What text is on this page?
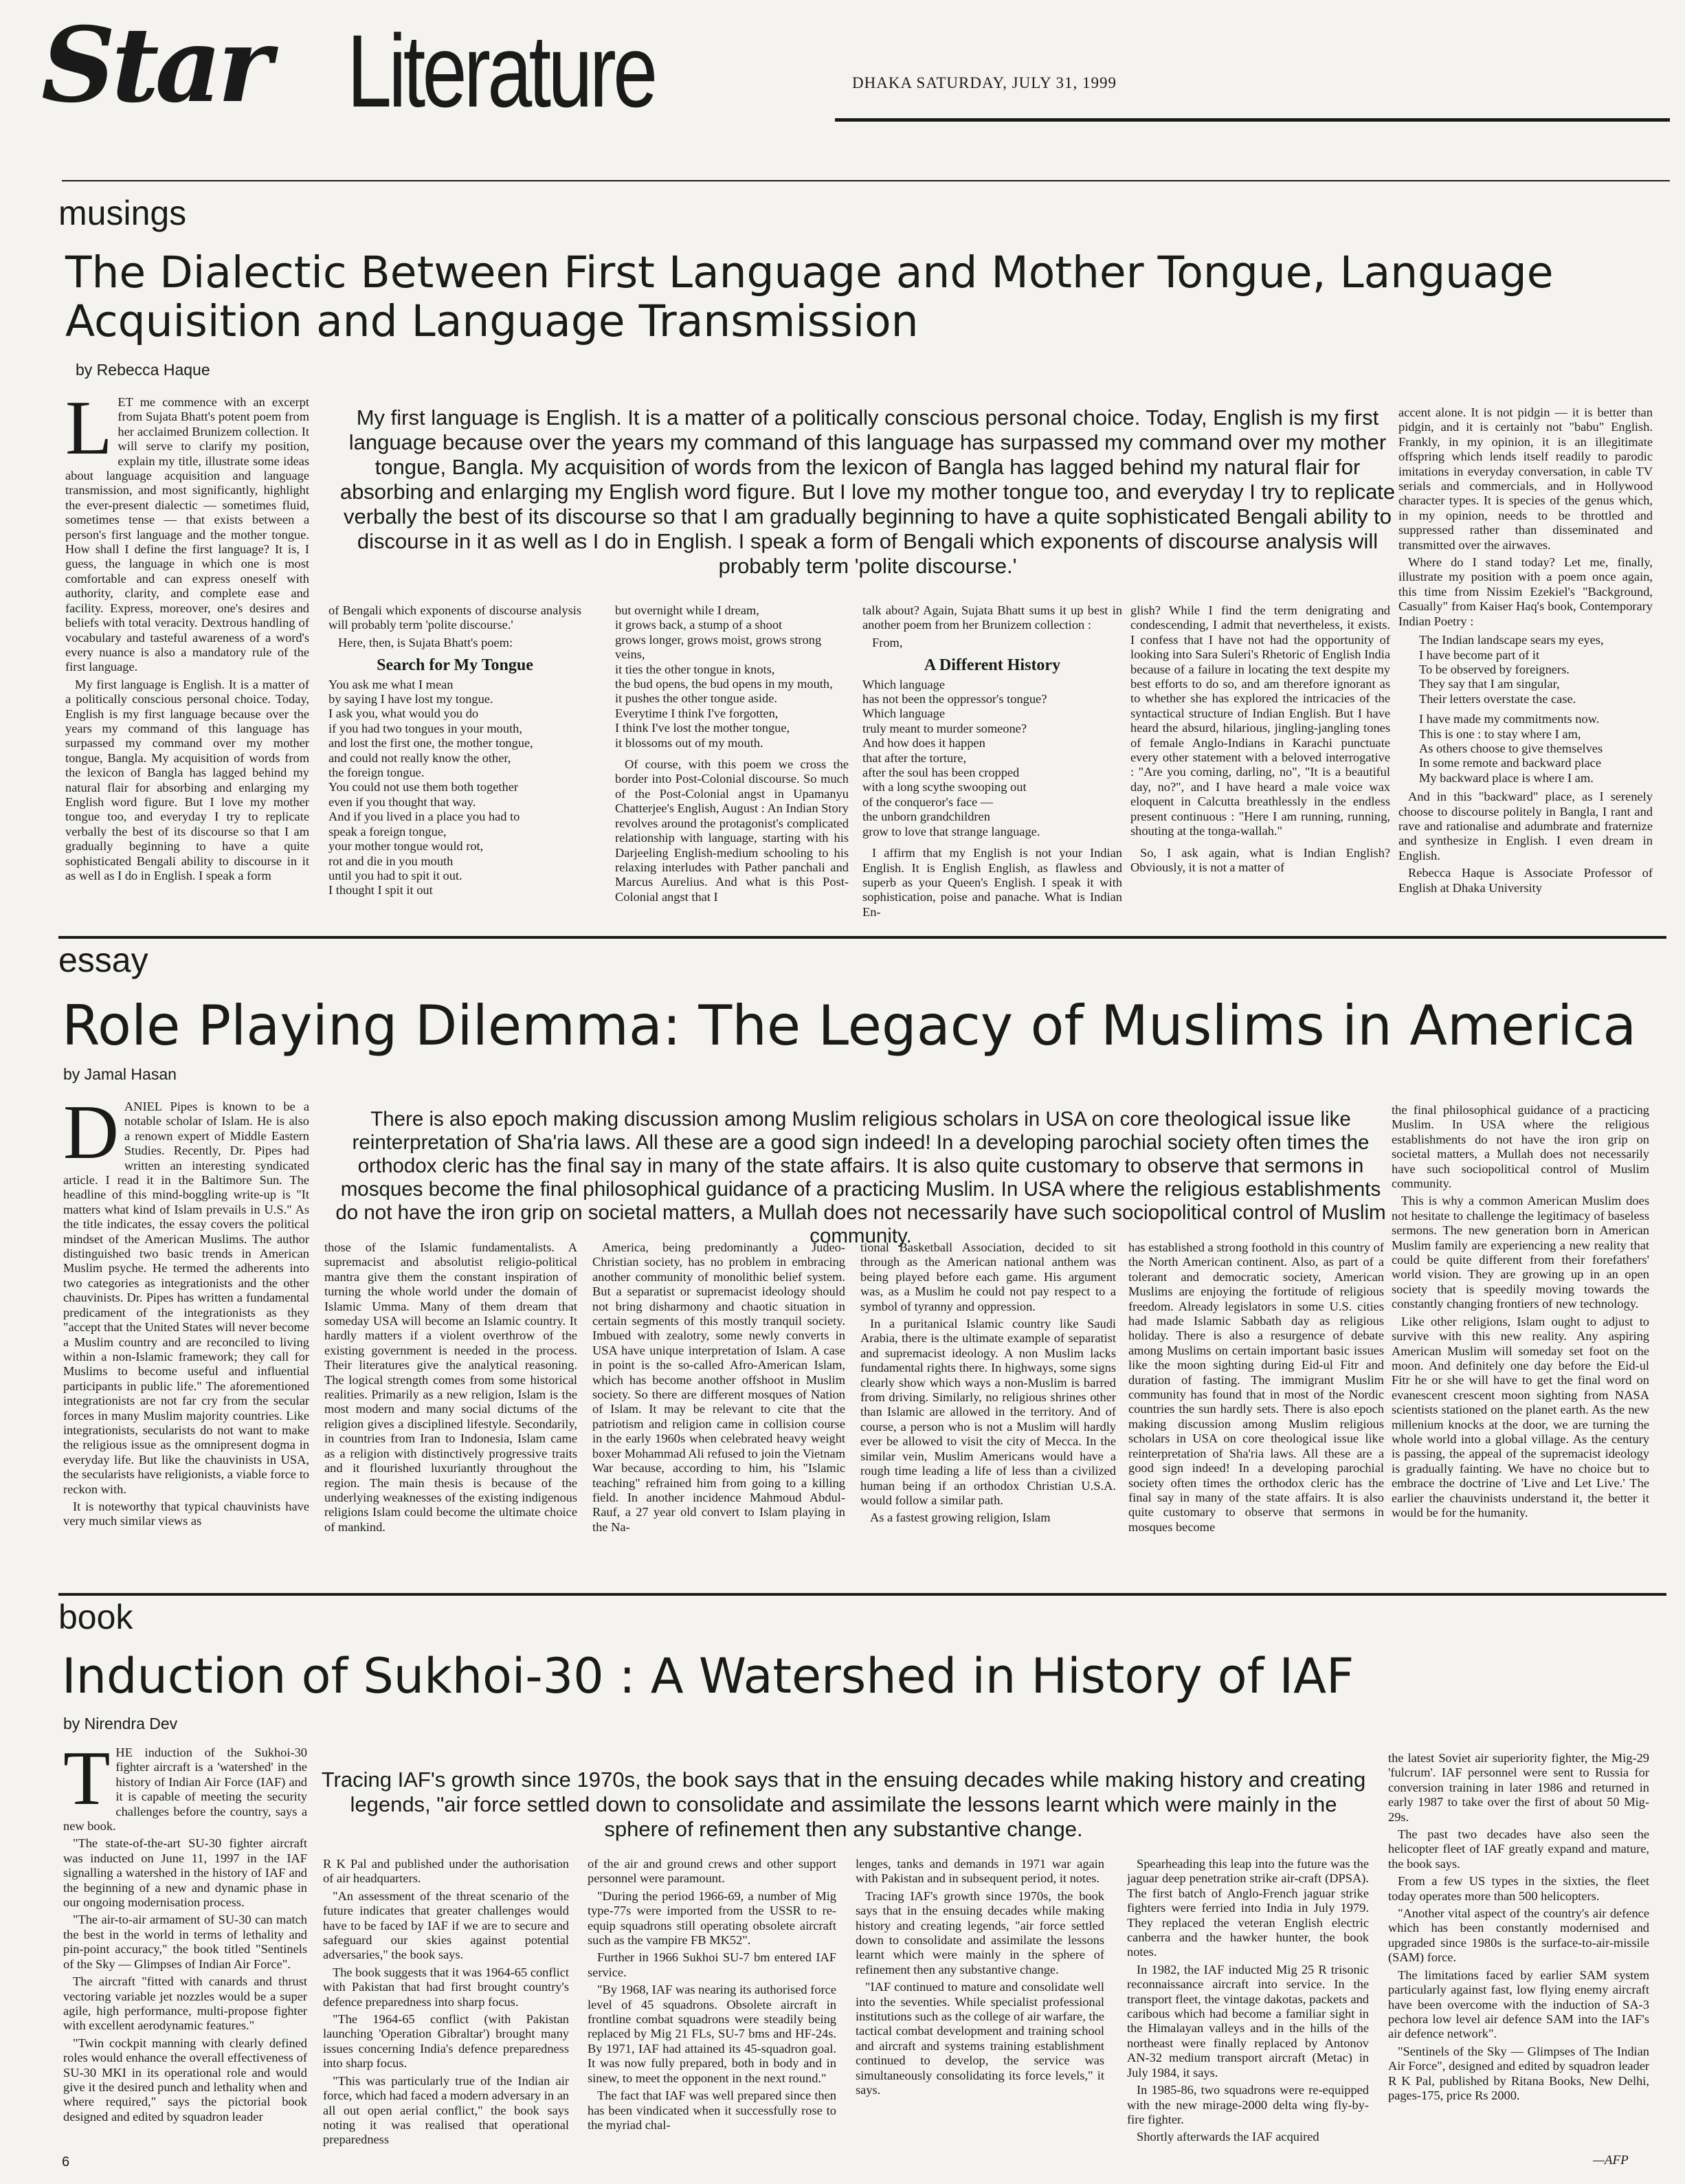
Star Literature	DHAKA SATURDAY, JULY 31, 1999
musings
The Dialectic Between First Language and Mother Tongue, Language Acquisition and Language Transmission
by Rebecca Haque
L ET me commence with an excerpt from Sujata Bhatt's potent poem from her acclaimed Brunizem collection. It will serve to clarify my position, explain my title, illustrate some ideas about language acquisition and language transmission, and most significantly, highlight the ever-present dialectic — sometimes fluid, sometimes tense — that exists between a person's first language and the mother tongue. How shall I define the first language? It is, I guess, the language in which one is most comfortable and can express oneself with authority, clarity, and complete ease and facility. Express, moreover, one's desires and beliefs with total veracity. Dextrous handling of vocabulary and tasteful awareness of a word's every nuance is also a mandatory rule of the first language.

My first language is English. It is a matter of a politically conscious personal choice. Today, English is my first language because over the years my command of this language has surpassed my command over my mother tongue, Bangla. My acquisition of words from the lexicon of Bangla has lagged behind my natural flair for absorbing and enlarging my English word figure. But I love my mother tongue too, and everyday I try to replicate verbally the best of its discourse so that I am gradually beginning to have a quite sophisticated Bengali ability to discourse in it as well as I do in English. I speak a form

My first language is English. It is a matter of a politically conscious personal choice. Today, English is my first language because over the years my command of this language has surpassed my command over my mother tongue, Bangla. My acquisition of words from the lexicon of Bangla has lagged behind my natural flair for absorbing and enlarging my English word figure. But I love my mother tongue too, and everyday I try to replicate verbally the best of its discourse so that I am gradually beginning to have a quite sophisticated Bengali ability to discourse in it as well as I do in English. I speak a form of Bengali which exponents of discourse analysis will probably term 'polite discourse.'

of Bengali which exponents of discourse analysis will probably term 'polite discourse.'

Here, then, is Sujata Bhatt's poem:

Search for My Tongue

You ask me what I mean

by saying I have lost my tongue.

I ask you, what would you do

if you had two tongues in your mouth,

and lost the first one, the mother tongue,

and could not really know the other,

the foreign tongue.

You could not use them both together

even if you thought that way.

And if you lived in a place you had to

speak a foreign tongue,

your mother tongue would rot,

rot and die in you mouth

until you had to spit it out.

I thought I spit it out

but overnight while I dream,

it grows back, a stump of a shoot

grows longer, grows moist, grows strong veins,

it ties the other tongue in knots,

the bud opens, the bud opens in my mouth,

it pushes the other tongue aside.

Everytime I think I've forgotten,

I think I've lost the mother tongue,

it blossoms out of my mouth.

Of course, with this poem we cross the border into Post-Colonial discourse. So much of the Post-Colonial angst in Upamanyu Chatterjee's English, August : An Indian Story revolves around the protagonist's complicated relationship with language, starting with his Darjeeling English-medium schooling to his relaxing interludes with Pather panchali and Marcus Aurelius. And what is this Post-Colonial angst that I

talk about? Again, Sujata Bhatt sums it up best in another poem from her Brunizem collection :

From,

A Different History

Which language

has not been the oppressor's tongue?

Which language

truly meant to murder someone?

And how does it happen

that after the torture,

after the soul has been cropped

with a long scythe swooping out

of the conqueror's face —

the unborn grandchildren

grow to love that strange language.

I affirm that my English is not your Indian English. It is English English, as flawless and superb as your Queen's English. I speak it with sophistication, poise and panache. What is Indian En-

glish? While I find the term denigrating and condescending, I admit that nevertheless, it exists. I confess that I have not had the opportunity of looking into Sara Suleri's Rhetoric of English India because of a failure in locating the text despite my best efforts to do so, and am therefore ignorant as to whether she has explored the intricacies of the syntactical structure of Indian English. But I have heard the absurd, hilarious, jingling-jangling tones of female Anglo-Indians in Karachi punctuate every other statement with a beloved interrogative : "Are you coming, darling, no", "It is a beautiful day, no?", and I have heard a male voice wax eloquent in Calcutta breathlessly in the endless present continuous : "Here I am running, running, shouting at the tonga-wallah."

So, I ask again, what is Indian English? Obviously, it is not a matter of

accent alone. It is not pidgin — it is better than pidgin, and it is certainly not "babu" English. Frankly, in my opinion, it is an illegitimate offspring which lends itself readily to parodic imitations in everyday conversation, in cable TV serials and commercials, and in Hollywood character types. It is species of the genus which, in my opinion, needs to be throttled and suppressed rather than disseminated and transmitted over the airwaves.

Where do I stand today? Let me, finally, illustrate my position with a poem once again, this time from Nissim Ezekiel's "Background, Casually" from Kaiser Haq's book, Contemporary Indian Poetry :

The Indian landscape sears my eyes,

I have become part of it

To be observed by foreigners.

They say that I am singular,

Their letters overstate the case.

I have made my commitments now.

This is one : to stay where I am,

As others choose to give themselves

In some remote and backward place

My backward place is where I am.

And in this "backward" place, as I serenely choose to discourse politely in Bangla, I rant and rave and rationalise and adumbrate and fraternize and synthesize in English. I even dream in English.

Rebecca Haque is Associate Professor of English at Dhaka University

essay
Role Playing Dilemma: The Legacy of Muslims in America
by Jamal Hasan
D ANIEL Pipes is known to be a notable scholar of Islam. He is also a renown expert of Middle Eastern Studies. Recently, Dr. Pipes had written an interesting syndicated article. I read it in the Baltimore Sun. The headline of this mind-boggling write-up is "It matters what kind of Islam prevails in U.S." As the title indicates, the essay covers the political mindset of the American Muslims. The author distinguished two basic trends in American Muslim psyche. He termed the adherents into two categories as integrationists and the other chauvinists. Dr. Pipes has written a fundamental predicament of the integrationists as they "accept that the United States will never become a Muslim country and are reconciled to living within a non-Islamic framework; they call for Muslims to become useful and influential participants in public life." The aforementioned integrationists are not far cry from the secular forces in many Muslim majority countries. Like integrationists, secularists do not want to make the religious issue as the omnipresent dogma in everyday life. But like the chauvinists in USA, the secularists have religionists, a viable force to reckon with.

It is noteworthy that typical chauvinists have very much similar views as

There is also epoch making discussion among Muslim religious scholars in USA on core theological issue like reinterpretation of Sha'ria laws. All these are a good sign indeed! In a developing parochial society often times the orthodox cleric has the final say in many of the state affairs. It is also quite customary to observe that sermons in mosques become the final philosophical guidance of a practicing Muslim. In USA where the religious establishments do not have the iron grip on societal matters, a Mullah does not necessarily have such sociopolitical control of Muslim community.

those of the Islamic fundamentalists. A supremacist and absolutist religio-political mantra give them the constant inspiration of turning the whole world under the domain of Islamic Umma. Many of them dream that someday USA will become an Islamic country. It hardly matters if a violent overthrow of the existing government is needed in the process. Their literatures give the analytical reasoning. The logical strength comes from some historical realities. Primarily as a new religion, Islam is the most modern and many social dictums of the religion gives a disciplined lifestyle. Secondarily, in countries from Iran to Indonesia, Islam came as a religion with distinctively progressive traits and it flourished luxuriantly throughout the region. The main thesis is because of the underlying weaknesses of the existing indigenous religions Islam could become the ultimate choice of mankind.

America, being predominantly a Judeo-Christian society, has no problem in embracing another community of monolithic belief system. But a separatist or supremacist ideology should not bring disharmony and chaotic situation in certain segments of this mostly tranquil society. Imbued with zealotry, some newly converts in USA have unique interpretation of Islam. A case in point is the so-called Afro-American Islam, which has become another offshoot in Muslim society. So there are different mosques of Nation of Islam. It may be relevant to cite that the patriotism and religion came in collision course in the early 1960s when celebrated heavy weight boxer Mohammad Ali refused to join the Vietnam War because, according to him, his "Islamic teaching" refrained him from going to a killing field. In another incidence Mahmoud Abdul-Rauf, a 27 year old convert to Islam playing in the Na-

tional Basketball Association, decided to sit through as the American national anthem was being played before each game. His argument was, as a Muslim he could not pay respect to a symbol of tyranny and oppression.

In a puritanical Islamic country like Saudi Arabia, there is the ultimate example of separatist and supremacist ideology. A non Muslim lacks fundamental rights there. In highways, some signs clearly show which ways a non-Muslim is barred from driving. Similarly, no religious shrines other than Islamic are allowed in the territory. And of course, a person who is not a Muslim will hardly ever be allowed to visit the city of Mecca. In the similar vein, Muslim Americans would have a rough time leading a life of less than a civilized human being if an orthodox Christian U.S.A. would follow a similar path.

As a fastest growing religion, Islam

has established a strong foothold in this country of the North American continent. Also, as part of a tolerant and democratic society, American Muslims are enjoying the fortitude of religious freedom. Already legislators in some U.S. cities had made Islamic Sabbath day as religious holiday. There is also a resurgence of debate among Muslims on certain important basic issues like the moon sighting during Eid-ul Fitr and duration of fasting. The immigrant Muslim community has found that in most of the Nordic countries the sun hardly sets. There is also epoch making discussion among Muslim religious scholars in USA on core theological issue like reinterpretation of Sha'ria laws. All these are a good sign indeed! In a developing parochial society often times the orthodox cleric has the final say in many of the state affairs. It is also quite customary to observe that sermons in mosques become

the final philosophical guidance of a practicing Muslim. In USA where the religious establishments do not have the iron grip on societal matters, a Mullah does not necessarily have such sociopolitical control of Muslim community.

This is why a common American Muslim does not hesitate to challenge the legitimacy of baseless sermons. The new generation born in American Muslim family are experiencing a new reality that could be quite different from their forefathers' world vision. They are growing up in an open society that is speedily moving towards the constantly changing frontiers of new technology.

Like other religions, Islam ought to adjust to survive with this new reality. Any aspiring American Muslim will someday set foot on the moon. And definitely one day before the Eid-ul Fitr he or she will have to get the final word on evanescent crescent moon sighting from NASA scientists stationed on the planet earth. As the new millenium knocks at the door, we are turning the whole world into a global village. As the century is passing, the appeal of the supremacist ideology is gradually fainting. We have no choice but to embrace the doctrine of 'Live and Let Live.' The earlier the chauvinists understand it, the better it would be for the humanity.

book
Induction of Sukhoi-30 : A Watershed in History of IAF
by Nirendra Dev
T HE induction of the Sukhoi-30 fighter aircraft is a 'watershed' in the history of Indian Air Force (IAF) and it is capable of meeting the security challenges before the country, says a new book.

"The state-of-the-art SU-30 fighter aircraft was inducted on June 11, 1997 in the IAF signalling a watershed in the history of IAF and the beginning of a new and dynamic phase in our ongoing modernisation process.

"The air-to-air armament of SU-30 can match the best in the world in terms of lethality and pin-point accuracy," the book titled "Sentinels of the Sky — Glimpses of Indian Air Force".

The aircraft "fitted with canards and thrust vectoring variable jet nozzles would be a super agile, high performance, multi-propose fighter with excellent aerodynamic features."

"Twin cockpit manning with clearly defined roles would enhance the overall effectiveness of SU-30 MKI in its operational role and would give it the desired punch and lethality when and where required," says the pictorial book designed and edited by squadron leader

Tracing IAF's growth since 1970s, the book says that in the ensuing decades while making history and creating legends, "air force settled down to consolidate and assimilate the lessons learnt which were mainly in the sphere of refinement then any substantive change.

R K Pal and published under the authorisation of air headquarters.

"An assessment of the threat scenario of the future indicates that greater challenges would have to be faced by IAF if we are to secure and safeguard our skies against potential adversaries," the book says.

The book suggests that it was 1964-65 conflict with Pakistan that had first brought country's defence preparedness into sharp focus.

"The 1964-65 conflict (with Pakistan launching 'Operation Gibraltar') brought many issues concerning India's defence preparedness into sharp focus.

"This was particularly true of the Indian air force, which had faced a modern adversary in an all out open aerial conflict," the book says noting it was realised that operational preparedness

of the air and ground crews and other support personnel were paramount.

"During the period 1966-69, a number of Mig type-77s were imported from the USSR to re-equip squadrons still operating obsolete aircraft such as the vampire FB MK52".

Further in 1966 Sukhoi SU-7 bm entered IAF service.

"By 1968, IAF was nearing its authorised force level of 45 squadrons. Obsolete aircraft in frontline combat squadrons were steadily being replaced by Mig 21 FLs, SU-7 bms and HF-24s. By 1971, IAF had attained its 45-squadron goal. It was now fully prepared, both in body and in sinew, to meet the opponent in the next round."

The fact that IAF was well prepared since then has been vindicated when it successfully rose to the myriad chal-

lenges, tanks and demands in 1971 war again with Pakistan and in subsequent period, it notes.

Tracing IAF's growth since 1970s, the book says that in the ensuing decades while making history and creating legends, "air force settled down to consolidate and assimilate the lessons learnt which were mainly in the sphere of refinement then any substantive change.

"IAF continued to mature and consolidate well into the seventies. While specialist professional institutions such as the college of air warfare, the tactical combat development and training school and aircraft and systems training establishment continued to develop, the service was simultaneously consolidating its force levels," it says.

Spearheading this leap into the future was the jaguar deep penetration strike air-craft (DPSA). The first batch of Anglo-French jaguar strike fighters were ferried into India in July 1979. They replaced the veteran English electric canberra and the hawker hunter, the book notes.

In 1982, the IAF inducted Mig 25 R trisonic reconnaissance aircraft into service. In the transport fleet, the vintage dakotas, packets and caribous which had become a familiar sight in the Himalayan valleys and in the hills of the northeast were finally replaced by Antonov AN-32 medium transport aircraft (Metac) in July 1984, it says.

In 1985-86, two squadrons were re-equipped with the new mirage-2000 delta wing fly-by-fire fighter.

Shortly afterwards the IAF acquired

the latest Soviet air superiority fighter, the Mig-29 'fulcrum'. IAF personnel were sent to Russia for conversion training in later 1986 and returned in early 1987 to take over the first of about 50 Mig-29s.

The past two decades have also seen the helicopter fleet of IAF greatly expand and mature, the book says.

From a few US types in the sixties, the fleet today operates more than 500 helicopters.

"Another vital aspect of the country's air defence which has been constantly modernised and upgraded since 1980s is the surface-to-air-missile (SAM) force.

The limitations faced by earlier SAM system particularly against fast, low flying enemy aircraft have been overcome with the induction of SA-3 pechora low level air defence SAM into the IAF's air defence network".

"Sentinels of the Sky — Glimpses of The Indian Air Force", designed and edited by squadron leader R K Pal, published by Ritana Books, New Delhi, pages-175, price Rs 2000.

—AFP
6
